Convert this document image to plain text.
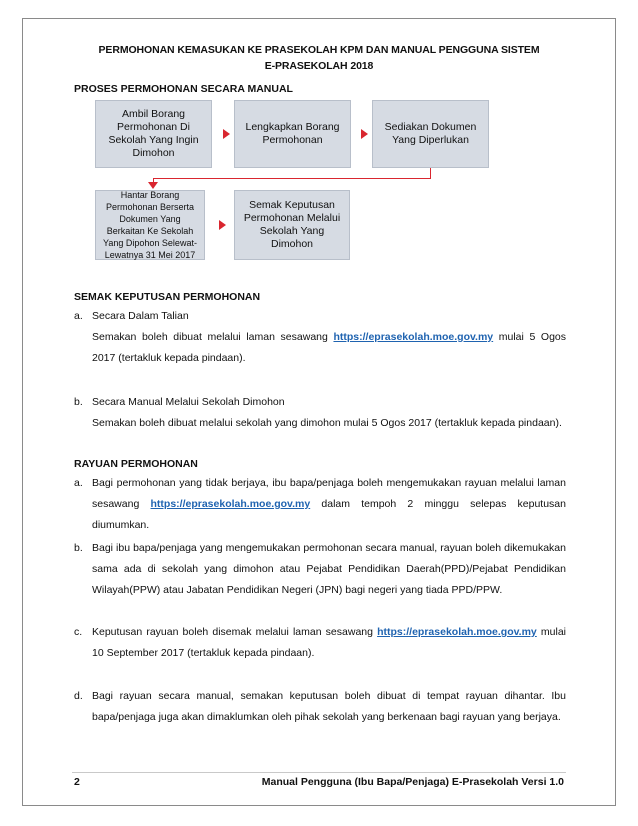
PERMOHONAN KEMASUKAN KE PRASEKOLAH KPM DAN MANUAL PENGGUNA SISTEM
E-PRASEKOLAH 2018
PROSES PERMOHONAN SECARA MANUAL
Ambil Borang Permohonan Di Sekolah Yang Ingin Dimohon
Lengkapkan Borang Permohonan
Sediakan Dokumen Yang Diperlukan
Hantar Borang Permohonan Berserta Dokumen Yang Berkaitan Ke Sekolah Yang Dipohon Selewat-Lewatnya 31 Mei 2017
Semak Keputusan Permohonan Melalui Sekolah Yang Dimohon
SEMAK KEPUTUSAN PERMOHONAN
a. Secara Dalam Talian
Semakan boleh dibuat melalui laman sesawang https://eprasekolah.moe.gov.my mulai 5 Ogos 2017 (tertakluk kepada pindaan).
b. Secara Manual Melalui Sekolah Dimohon
Semakan boleh dibuat melalui sekolah yang dimohon mulai 5 Ogos 2017 (tertakluk kepada pindaan).
RAYUAN PERMOHONAN
a. Bagi permohonan yang tidak berjaya, ibu bapa/penjaga boleh mengemukakan rayuan melalui laman sesawang https://eprasekolah.moe.gov.my dalam tempoh 2 minggu selepas keputusan diumumkan.
b. Bagi ibu bapa/penjaga yang mengemukakan permohonan secara manual, rayuan boleh dikemukakan sama ada di sekolah yang dimohon atau Pejabat Pendidikan Daerah(PPD)/Pejabat Pendidikan Wilayah(PPW) atau Jabatan Pendidikan Negeri (JPN) bagi negeri yang tiada PPD/PPW.
c. Keputusan rayuan boleh disemak melalui laman sesawang https://eprasekolah.moe.gov.my mulai 10 September 2017 (tertakluk kepada pindaan).
d. Bagi rayuan secara manual, semakan keputusan boleh dibuat di tempat rayuan dihantar. Ibu bapa/penjaga juga akan dimaklumkan oleh pihak sekolah yang berkenaan bagi rayuan yang berjaya.
2	Manual Pengguna (Ibu Bapa/Penjaga) E-Prasekolah Versi 1.0
